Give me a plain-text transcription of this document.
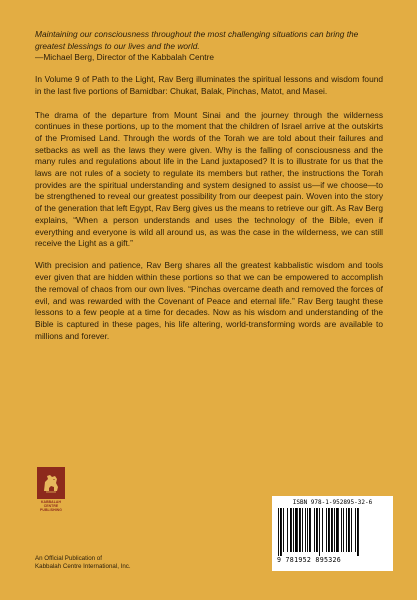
Maintaining our consciousness throughout the most challenging situations can bring the greatest blessings to our lives and the world.

—Michael Berg, Director of the Kabbalah Centre

In Volume 9 of Path to the Light, Rav Berg illuminates the spiritual lessons and wisdom found in the last five portions of Bamidbar: Chukat, Balak, Pinchas, Matot, and Masei.

The drama of the departure from Mount Sinai and the journey through the wilderness continues in these portions, up to the moment that the children of Israel arrive at the outskirts of the Promised Land. Through the words of the Torah we are told about their failures and setbacks as well as the laws they were given. Why is the falling of consciousness and the many rules and regulations about life in the Land juxtaposed? It is to illustrate for us that the laws are not rules of a society to regulate its members but rather, the instructions the Torah provides are the spiritual understanding and system designed to assist us—if we choose—to be strengthened to reveal our greatest possibility from our deepest pain. Woven into the story of the generation that left Egypt, Rav Berg gives us the means to retrieve our gift. As Rav Berg explains, “When a person understands and uses the technology of the Bible, even if everything and everyone is wild all around us, as was the case in the wilderness, we can still receive the Light as a gift.”

With precision and patience, Rav Berg shares all the greatest kabbalistic wisdom and tools ever given that are hidden within these portions so that we can be empowered to accomplish the removal of chaos from our own lives. “Pinchas overcame death and removed the forces of evil, and was rewarded with the Covenant of Peace and eternal life.” Rav Berg taught these lessons to a few people at a time for decades. Now as his wisdom and understanding of the Bible is captured in these pages, his life altering, world-transforming words are available to millions and forever.

KABBALAH
CENTRE
PUBLISHING
An Official Publication of
Kabbalah Centre International, Inc.
ISBN 978-1-952895-32-6
9 781952 895326
